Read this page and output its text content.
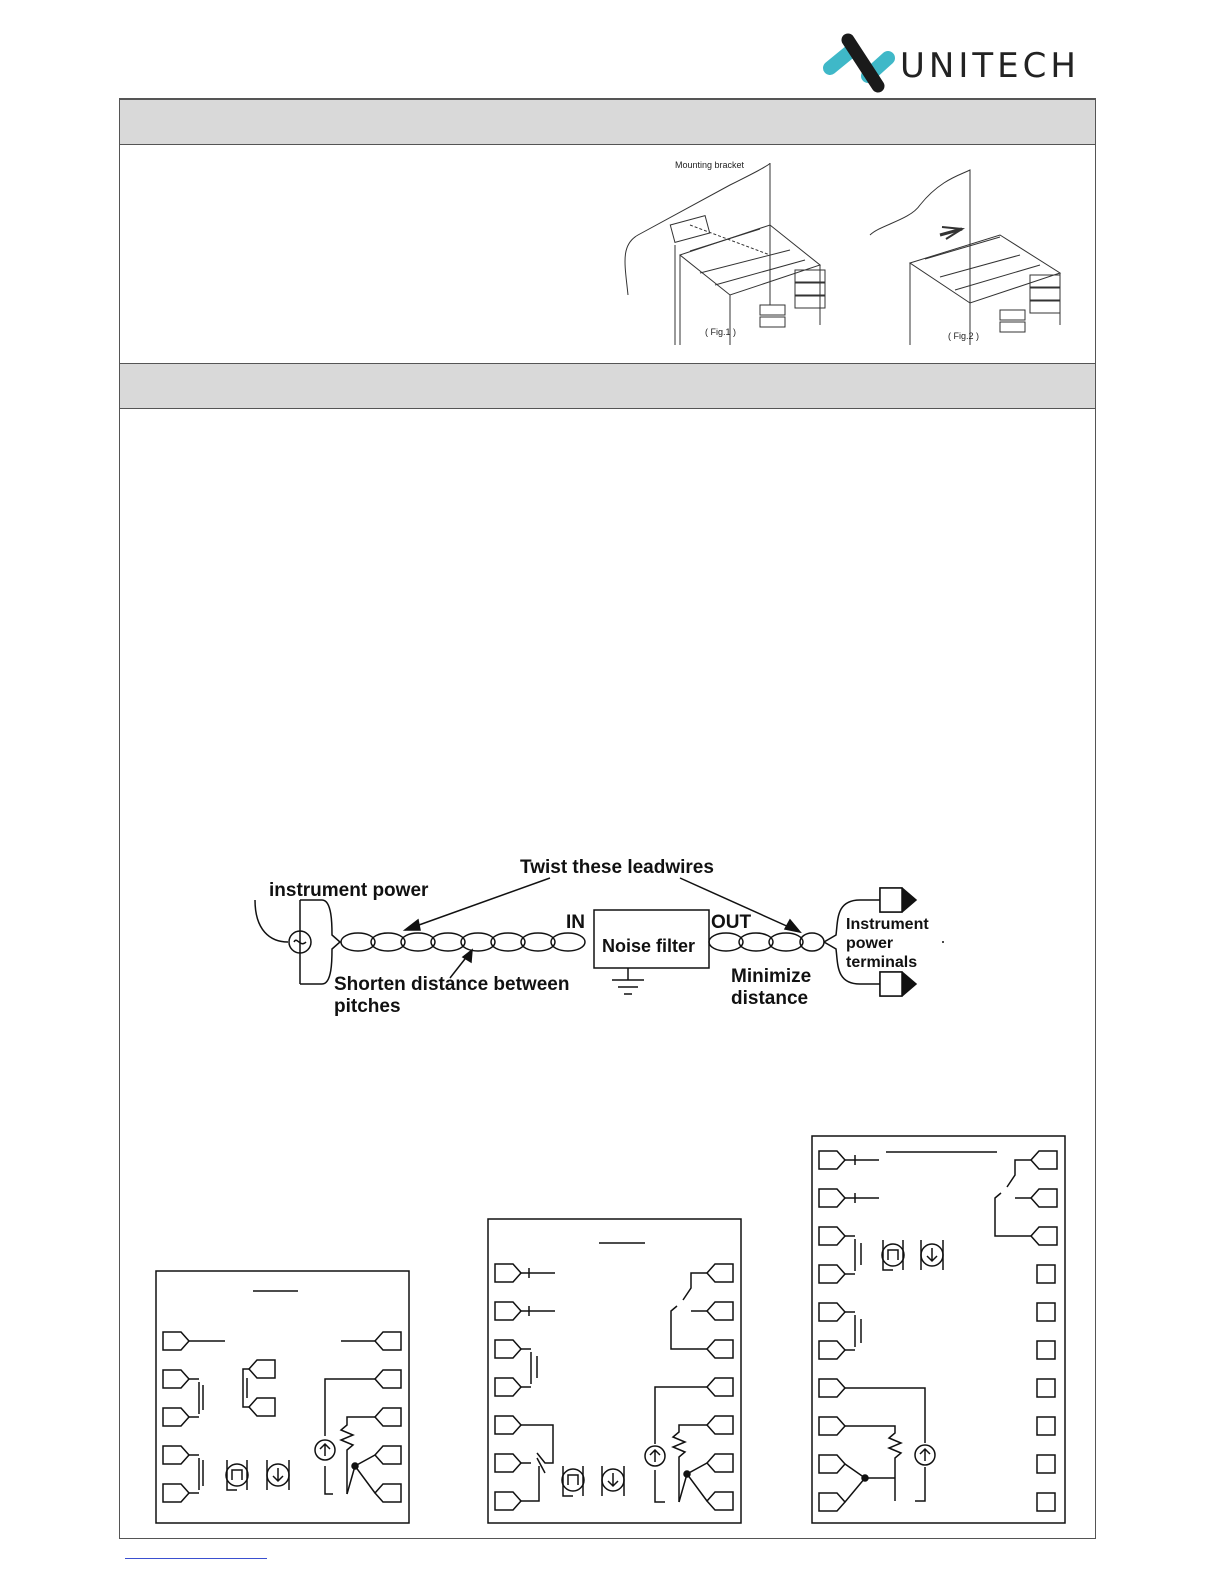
UNITECH
Mounting bracket
( Fig.1 )	( Fig.2 )
Twist these leadwires
instrument power
IN
Noise filter
OUT	Instrument
power
terminals
Shorten distance between
pitches
Minimize
distance
